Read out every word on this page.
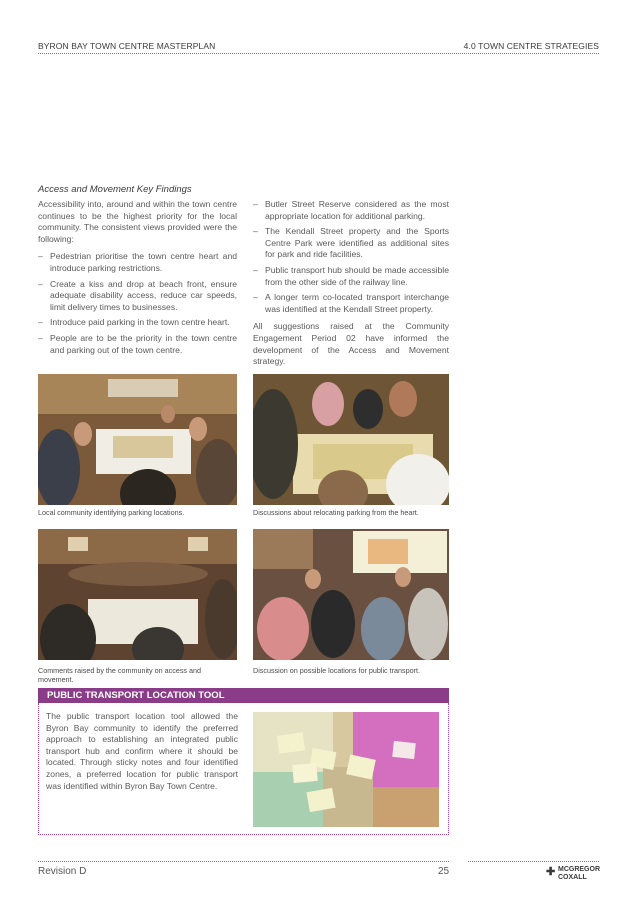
BYRON BAY TOWN CENTRE MASTERPLAN	4.0 TOWN CENTRE STRATEGIES

Access and Movement Key Findings

Accessibility into, around and within the town centre continues to be the highest priority for the local community. The consistent views provided were the following:

– Pedestrian prioritise the town centre heart and introduce parking restrictions.
– Create a kiss and drop at beach front, ensure adequate disability access, reduce car speeds, limit delivery times to businesses.
– Introduce paid parking in the town centre heart.
– People are to be the priority in the town centre and parking out of the town centre.
– Butler Street Reserve considered as the most appropriate location for additional parking.
– The Kendall Street property and the Sports Centre Park were identified as additional sites for park and ride facilities.
– Public transport hub should be made accessible from the other side of the railway line.
– A longer term co-located transport interchange was identified at the Kendall Street property.

All suggestions raised at the Community Engagement Period 02 have informed the development of the Access and Movement strategy.

Local community identifying parking locations.	Discussions about relocating parking from the heart.
Comments raised by the community on access and movement.
Discussion on possible locations for public transport.
PUBLIC TRANSPORT LOCATION TOOL
The public transport location tool allowed the Byron Bay community to identify the preferred approach to establishing an integrated public transport hub and confirm where it should be located. Through sticky notes and four identified zones, a preferred location for public transport was identified within Byron Bay Town Centre.
Revision D	25	✚ MCGREGOR
COXALL
